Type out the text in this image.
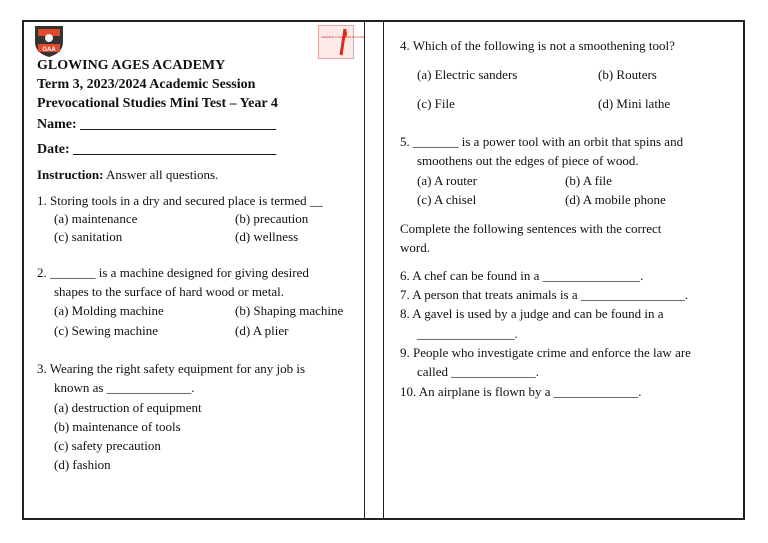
GAA
LEADING & SHAPING FUTURE
GLOWING AGES ACADEMY
Term 3, 2023/2024 Academic Session
Prevocational Studies Mini Test – Year 4
Name: ____________________________
Date: _____________________________
Instruction: Answer all questions.
1. Storing tools in a dry and secured place is termed __
(a) maintenance	(b) precaution
(c) sanitation	(d) wellness
2. _______ is a machine designed for giving desired
shapes to the surface of hard wood or metal.
(a) Molding machine	(b) Shaping machine
(c) Sewing machine	(d) A plier
3. Wearing the right safety equipment for any job is
known as _____________.
(a) destruction of equipment
(b) maintenance of tools
(c) safety precaution
(d) fashion
4. Which of the following is not a smoothening tool?
(a) Electric sanders	(b) Routers
(c) File	(d) Mini lathe
5. _______ is a power tool with an orbit that spins and
smoothens out the edges of piece of wood.
(a) A router	(b) A file
(c) A chisel	(d) A mobile phone
Complete the following sentences with the correct
word.
6. A chef can be found in a _______________.
7. A person that treats animals is a ________________.
8. A gavel is used by a judge and can be found in a
_______________.
9. People who investigate crime and enforce the law are
called _____________.
10. An airplane is flown by a _____________.
